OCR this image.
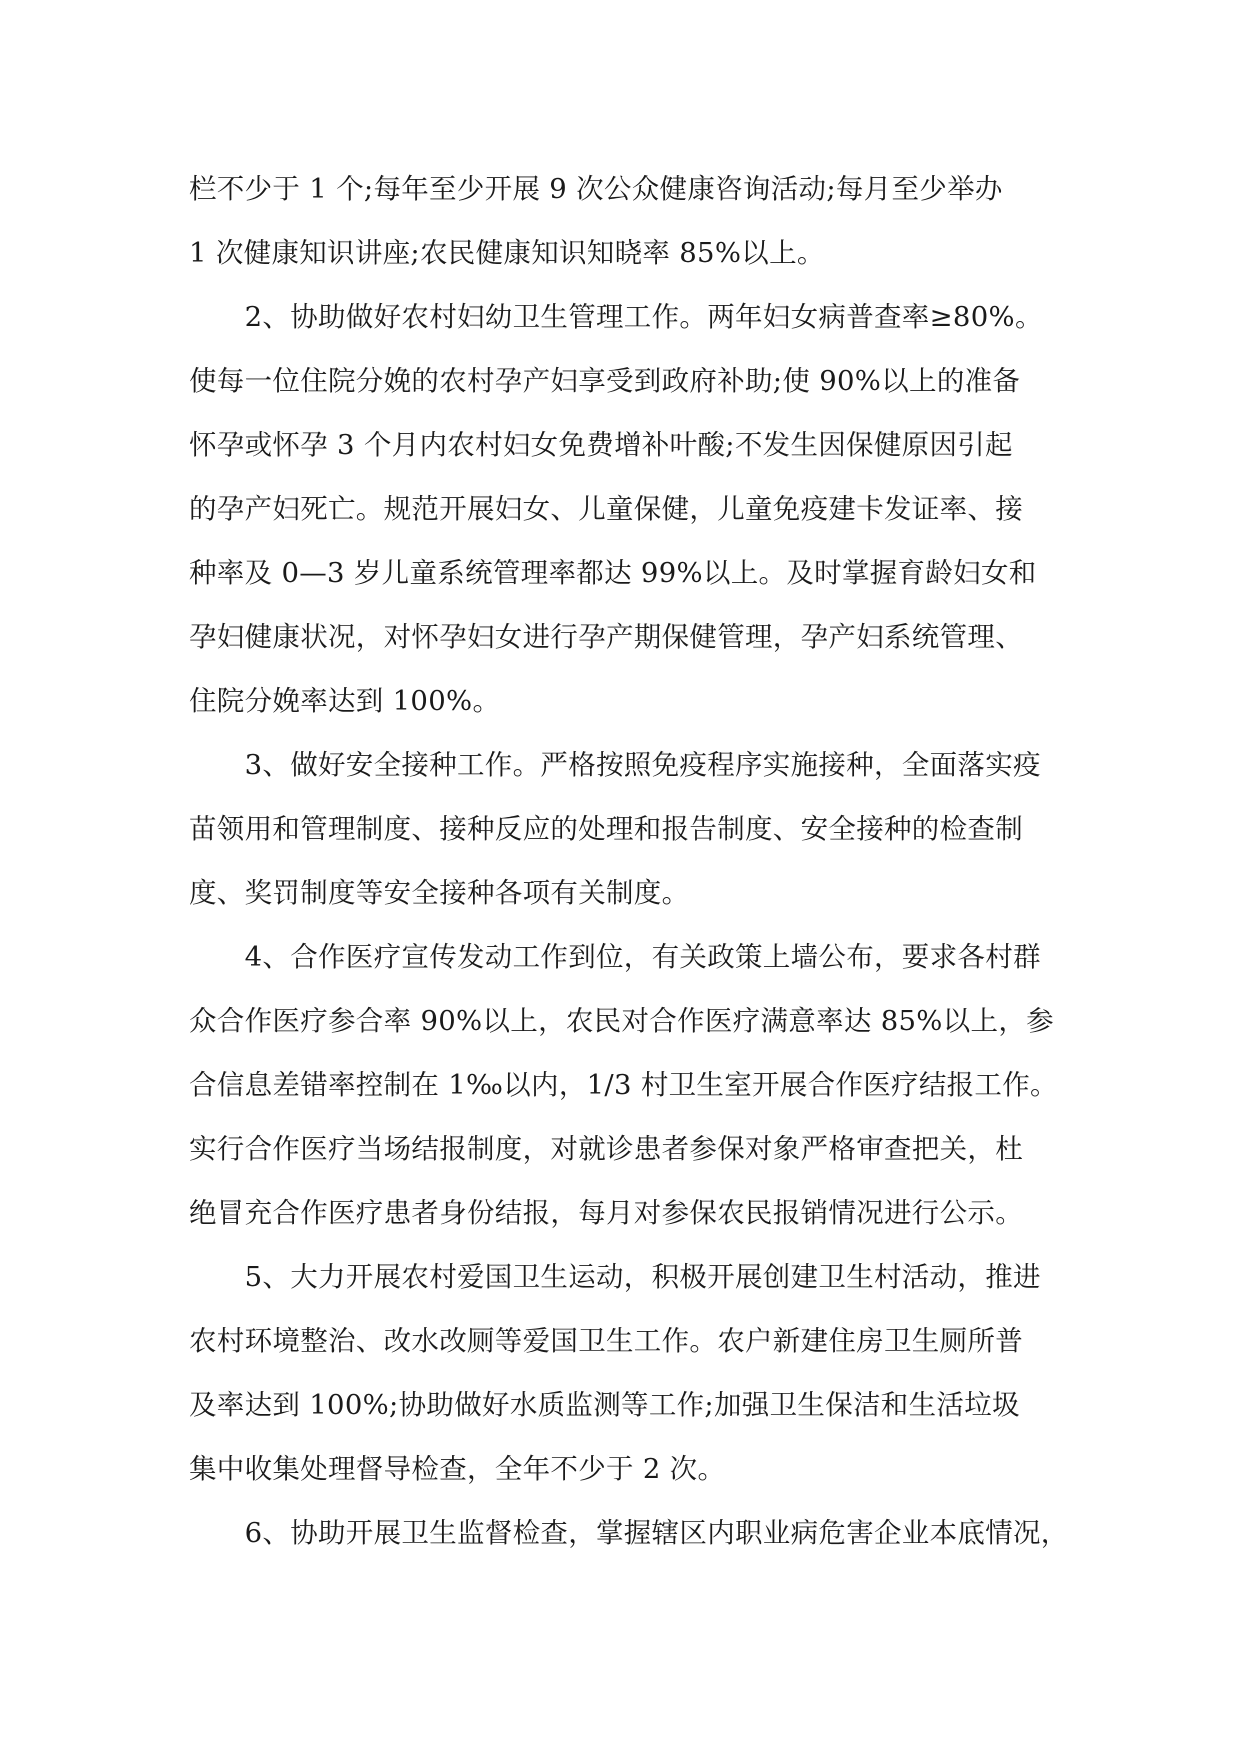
栏不少于 1 个;每年至少开展 9 次公众健康咨询活动;每月至少举办
1 次健康知识讲座;农民健康知识知晓率 85%以上。
　　2、协助做好农村妇幼卫生管理工作。两年妇女病普查率≥80%。
使每一位住院分娩的农村孕产妇享受到政府补助;使 90%以上的准备
怀孕或怀孕 3 个月内农村妇女免费增补叶酸;不发生因保健原因引起
的孕产妇死亡。规范开展妇女、儿童保健，儿童免疫建卡发证率、接
种率及 0—3 岁儿童系统管理率都达 99%以上。及时掌握育龄妇女和
孕妇健康状况，对怀孕妇女进行孕产期保健管理，孕产妇系统管理、
住院分娩率达到 100%。
　　3、做好安全接种工作。严格按照免疫程序实施接种，全面落实疫
苗领用和管理制度、接种反应的处理和报告制度、安全接种的检查制
度、奖罚制度等安全接种各项有关制度。
　　4、合作医疗宣传发动工作到位，有关政策上墙公布，要求各村群
众合作医疗参合率 90%以上，农民对合作医疗满意率达 85%以上，参
合信息差错率控制在 1‰以内，1/3 村卫生室开展合作医疗结报工作。
实行合作医疗当场结报制度，对就诊患者参保对象严格审查把关，杜
绝冒充合作医疗患者身份结报，每月对参保农民报销情况进行公示。
　　5、大力开展农村爱国卫生运动，积极开展创建卫生村活动，推进
农村环境整治、改水改厕等爱国卫生工作。农户新建住房卫生厕所普
及率达到 100%;协助做好水质监测等工作;加强卫生保洁和生活垃圾
集中收集处理督导检查，全年不少于 2 次。
　　6、协助开展卫生监督检查，掌握辖区内职业病危害企业本底情况，
